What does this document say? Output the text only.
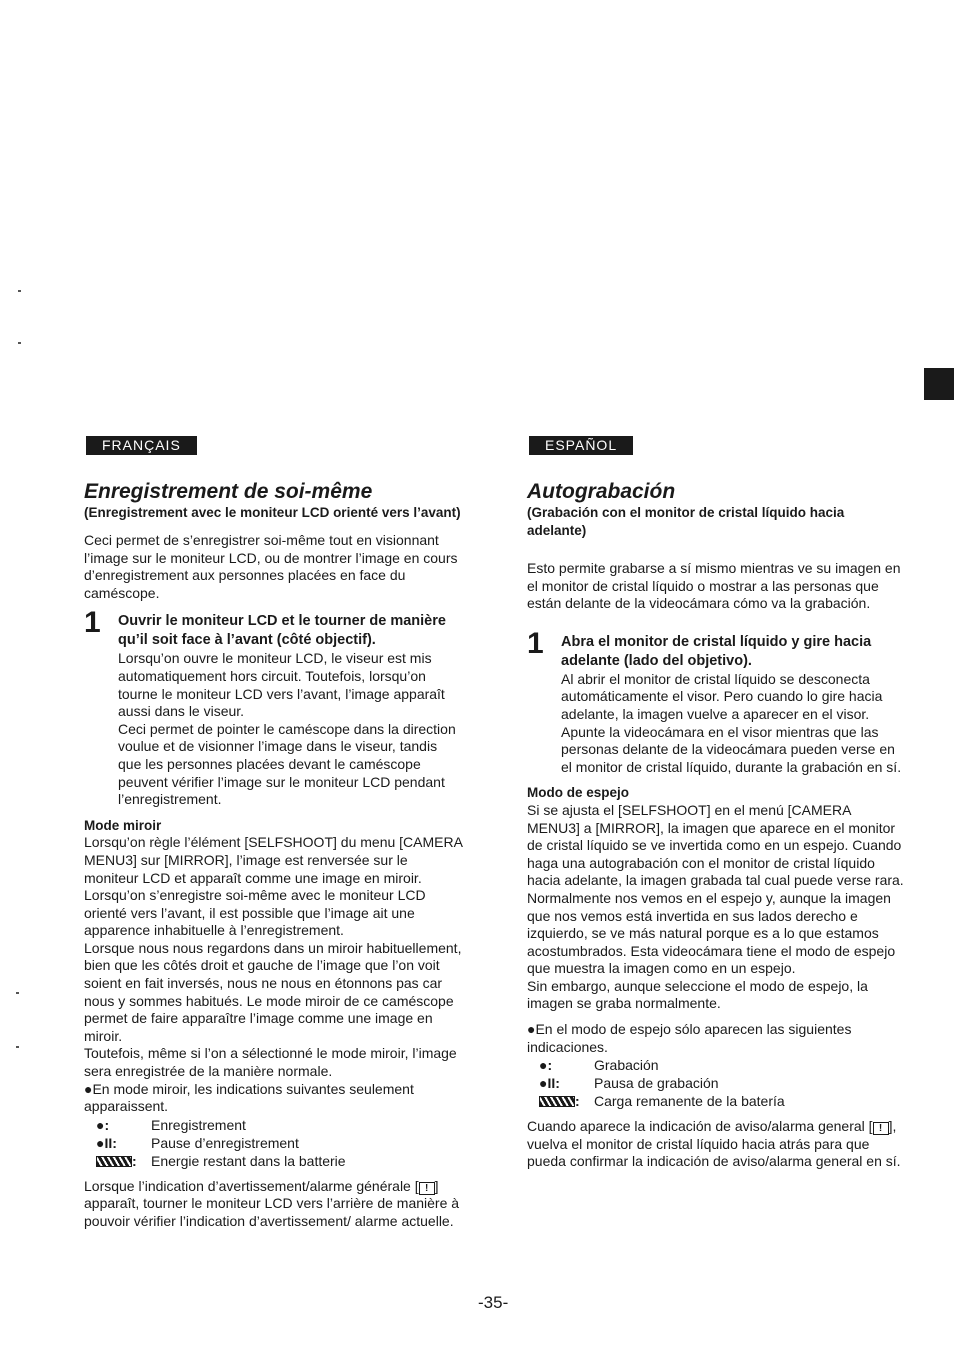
FRANÇAIS
Enregistrement de soi-même

(Enregistrement avec le moniteur LCD orienté vers l’avant)

Ceci permet de s’enregistrer soi-même tout en visionnant l’image sur le moniteur LCD, ou de montrer l’image en cours d’enregistrement aux personnes placées en face du caméscope.

1 Ouvrir le moniteur LCD et le tourner de manière qu’il soit face à l’avant (côté objectif).

Lorsqu’on ouvre le moniteur LCD, le viseur est mis automatiquement hors circuit. Toutefois, lorsqu’on tourne le moniteur LCD vers l’avant, l’image apparaît aussi dans le viseur.

Ceci permet de pointer le caméscope dans la direction voulue et de visionner l’image dans le viseur, tandis que les personnes placées devant le caméscope peuvent vérifier l’image sur le moniteur LCD pendant l’enregistrement.

Mode miroir

Lorsqu’on règle l’élément [SELFSHOOT] du menu [CAMERA MENU3] sur [MIRROR], l’image est renversée sur le moniteur LCD et apparaît comme une image en miroir. Lorsqu’on s’enregistre soi-même avec le moniteur LCD orienté vers l’avant, il est possible que l’image ait une apparence inhabituelle à l’enregistrement.

Lorsque nous nous regardons dans un miroir habituellement, bien que les côtés droit et gauche de l’image que l’on voit soient en fait inversés, nous ne nous en étonnons pas car nous y sommes habitués. Le mode miroir de ce caméscope permet de faire apparaître l’image comme une image en miroir.

Toutefois, même si l’on a sélectionné le mode miroir, l’image sera enregistrée de la manière normale.

●En mode miroir, les indications suivantes seulement apparaissent.

●:	Enregistrement
●II:	Pause d’enregistrement
:	Energie restant dans la batterie

Lorsque l’indication d’avertissement/alarme générale [ ! ] apparaît, tourner le moniteur LCD vers l’arrière de manière à pouvoir vérifier l’indication d’avertissement/ alarme actuelle.

ESPAÑOL
Autograbación

(Grabación con el monitor de cristal líquido hacia adelante)

Esto permite grabarse a sí mismo mientras ve su imagen en el monitor de cristal líquido o mostrar a las personas que están delante de la videocámara cómo va la grabación.

1 Abra el monitor de cristal líquido y gire hacia adelante (lado del objetivo).

Al abrir el monitor de cristal líquido se desconecta automáticamente el visor. Pero cuando lo gire hacia adelante, la imagen vuelve a aparecer en el visor.

Apunte la videocámara en el visor mientras que las personas delante de la videocámara pueden verse en el monitor de cristal líquido, durante la grabación en sí.

Modo de espejo

Si se ajusta el [SELFSHOOT] en el menú [CAMERA MENU3] a [MIRROR], la imagen que aparece en el monitor de cristal líquido se ve invertida como en un espejo. Cuando haga una autograbación con el monitor de cristal líquido hacia adelante, la imagen grabada tal cual puede verse rara.

Normalmente nos vemos en el espejo y, aunque la imagen que nos vemos está invertida en sus lados derecho e izquierdo, se ve más natural porque es a lo que estamos acostumbrados. Esta videocámara tiene el modo de espejo que muestra la imagen como en un espejo.

Sin embargo, aunque seleccione el modo de espejo, la imagen se graba normalmente.

●En el modo de espejo sólo aparecen las siguientes indicaciones.

●:	Grabación
●II:	Pausa de grabación
:	Carga remanente de la batería

Cuando aparece la indicación de aviso/alarma general [ ! ], vuelva el monitor de cristal líquido hacia atrás para que pueda confirmar la indicación de aviso/alarma general en sí.

-35-
